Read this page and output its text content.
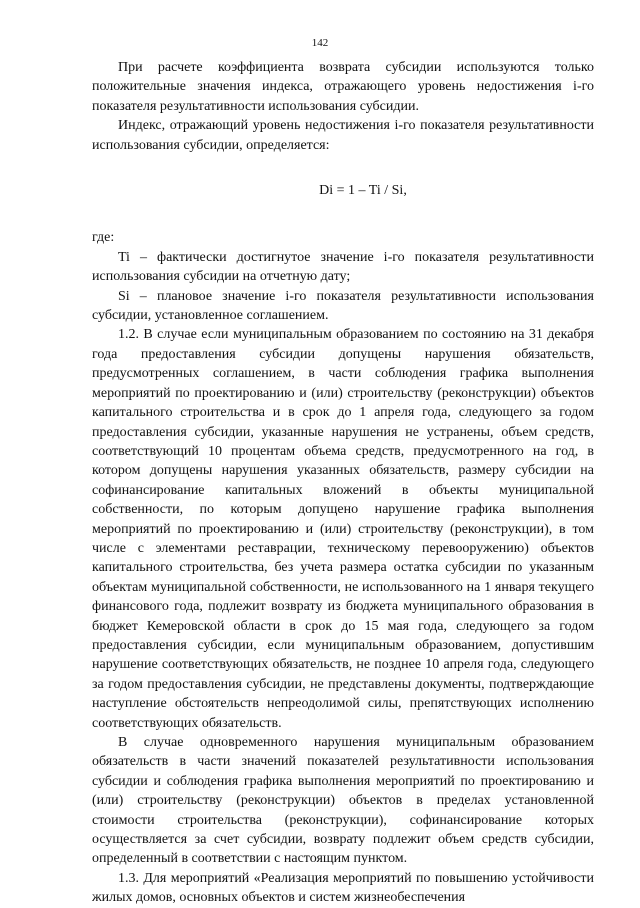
142

При расчете коэффициента возврата субсидии используются только положительные значения индекса, отражающего уровень недостижения i-го показателя результативности использования субсидии.

Индекс, отражающий уровень недостижения i-го показателя результативности использования субсидии, определяется:

Di = 1 – Ti / Si,

где:

Ti – фактически достигнутое значение i-го показателя результативности использования субсидии на отчетную дату;

Si – плановое значение i-го показателя результативности использования субсидии, установленное соглашением.

1.2. В случае если муниципальным образованием по состоянию на 31 декабря года предоставления субсидии допущены нарушения обязательств, предусмотренных соглашением, в части соблюдения графика выполнения мероприятий по проектированию и (или) строительству (реконструкции) объектов капитального строительства и в срок до 1 апреля года, следующего за годом предоставления субсидии, указанные нарушения не устранены, объем средств, соответствующий 10 процентам объема средств, предусмотренного на год, в котором допущены нарушения указанных обязательств, размеру субсидии на софинансирование капитальных вложений в объекты муниципальной собственности, по которым допущено нарушение графика выполнения мероприятий по проектированию и (или) строительству (реконструкции), в том числе с элементами реставрации, техническому перевооружению) объектов капитального строительства, без учета размера остатка субсидии по указанным объектам муниципальной собственности, не использованного на 1 января текущего финансового года, подлежит возврату из бюджета муниципального образования в бюджет Кемеровской области в срок до 15 мая года, следующего за годом предоставления субсидии, если муниципальным образованием, допустившим нарушение соответствующих обязательств, не позднее 10 апреля года, следующего за годом предоставления субсидии, не представлены документы, подтверждающие наступление обстоятельств непреодолимой силы, препятствующих исполнению соответствующих обязательств.

В случае одновременного нарушения муниципальным образованием обязательств в части значений показателей результативности использования субсидии и соблюдения графика выполнения мероприятий по проектированию и (или) строительству (реконструкции) объектов в пределах установленной стоимости строительства (реконструкции), софинансирование которых осуществляется за счет субсидии, возврату подлежит объем средств субсидии, определенный в соответствии с настоящим пунктом.

1.3. Для мероприятий «Реализация мероприятий по повышению устойчивости жилых домов, основных объектов и систем жизнеобеспечения
